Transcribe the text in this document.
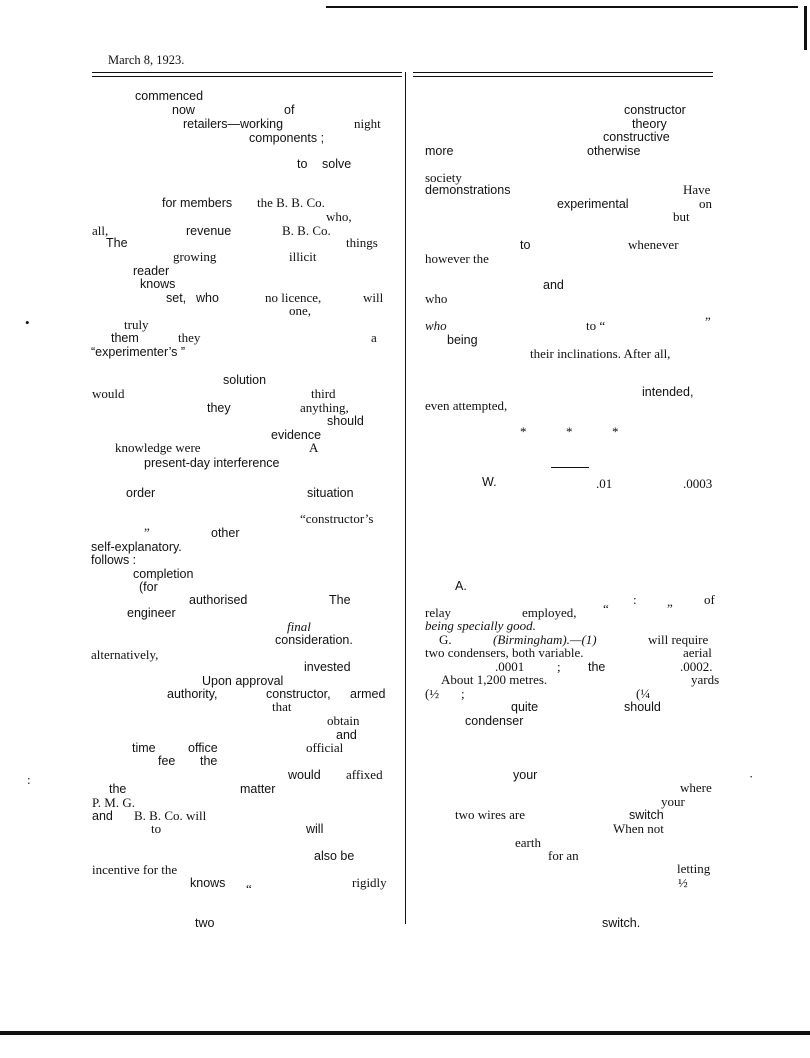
March 8, 1923.
commenced
now	of
retailers—working	night
components ;
to solve
for members the B. B. Co.
who,
all,	revenue	B. B. Co.
The	things
growing	illicit
reader
knows
set, who	no licence,	will
one,
truly
them	they	a
“experimenter’s ”
solution
would	third
they	anything,
should
evidence
knowledge were	A
present-day interference
order	situation
“constructor’s
”	other
self-explanatory.
follows :
completion
(for
authorised	The
engineer
final
consideration.
alternatively,
invested
Upon approval
authority,	constructor, armed
that
obtain
and
time	office	official
fee the
would affixed
the	matter
P. M. G.
and B. B. Co. will
to	will
also be
incentive for the
knows	rigidly
“
two
constructor
theory
constructive
more	otherwise
society
demonstrations	Have
experimental	on
but
to	whenever
however the
and
who
who	to “	”
being
their inclinations. After all,
intended,
even attempted,
*	*	*
W.	.01	.0003
A.
:	of
relay	employed, “	”
being specially good.
G.	(Birmingham).—(1)	will require
two condensers, both variable.	aerial
.0001	; the	.0002.
About 1,200 metres.	yards
(½ ;	(¼
quite	should
condenser
your
where
your
two wires are	switch
When not
earth
for an
letting
½
switch.
•
:	·
